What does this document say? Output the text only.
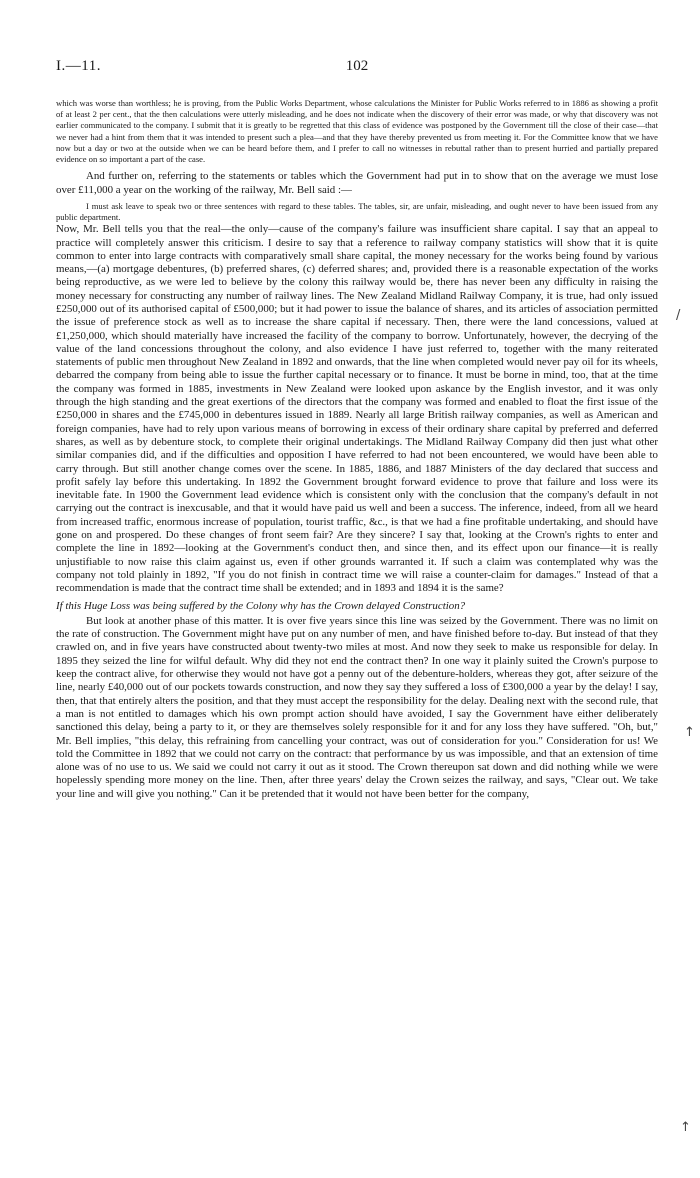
I.—11.	102

which was worse than worthless; he is proving, from the Public Works Department, whose calculations the Minister for Public Works referred to in 1886 as showing a profit of at least 2 per cent., that the then calculations were utterly misleading, and he does not indicate when the discovery of their error was made, or why that discovery was not earlier communicated to the company. I submit that it is greatly to be regretted that this class of evidence was postponed by the Government till the close of their case—that we never had a hint from them that it was intended to present such a plea—and that they have thereby prevented us from meeting it. For the Committee know that we have now but a day or two at the outside when we can be heard before them, and I prefer to call no witnesses in rebuttal rather than to present hurried and partially prepared evidence on so important a part of the case.

And further on, referring to the statements or tables which the Government had put in to show that on the average we must lose over £11,000 a year on the working of the railway, Mr. Bell said :—

I must ask leave to speak two or three sentences with regard to these tables. The tables, sir, are unfair, misleading, and ought never to have been issued from any public department.

Now, Mr. Bell tells you that the real—the only—cause of the company's failure was insufficient share capital. I say that an appeal to practice will completely answer this criticism. I desire to say that a reference to railway company statistics will show that it is quite common to enter into large contracts with comparatively small share capital, the money necessary for the works being found by various means,—(a) mortgage debentures, (b) preferred shares, (c) deferred shares; and, provided there is a reasonable expectation of the works being reproductive, as we were led to believe by the colony this railway would be, there has never been any difficulty in raising the money necessary for constructing any number of railway lines. The New Zealand Midland Railway Company, it is true, had only issued £250,000 out of its authorised capital of £500,000; but it had power to issue the balance of shares, and its articles of association permitted the issue of preference stock as well as to increase the share capital if necessary. Then, there were the land concessions, valued at £1,250,000, which should materially have increased the facility of the company to borrow. Unfortunately, however, the decrying of the value of the land concessions throughout the colony, and also evidence I have just referred to, together with the many reiterated statements of public men throughout New Zealand in 1892 and onwards, that the line when completed would never pay oil for its wheels, debarred the company from being able to issue the further capital necessary or to finance. It must be borne in mind, too, that at the time the company was formed in 1885, investments in New Zealand were looked upon askance by the English investor, and it was only through the high standing and the great exertions of the directors that the company was formed and enabled to float the first issue of the £250,000 in shares and the £745,000 in debentures issued in 1889. Nearly all large British railway companies, as well as American and foreign companies, have had to rely upon various means of borrowing in excess of their ordinary share capital by preferred and deferred shares, as well as by debenture stock, to complete their original undertakings. The Midland Railway Company did then just what other similar companies did, and if the difficulties and opposition I have referred to had not been encountered, we would have been able to carry through. But still another change comes over the scene. In 1885, 1886, and 1887 Ministers of the day declared that success and profit safely lay before this undertaking. In 1892 the Government brought forward evidence to prove that failure and loss were its inevitable fate. In 1900 the Government lead evidence which is consistent only with the conclusion that the company's default in not carrying out the contract is inexcusable, and that it would have paid us well and been a success. The inference, indeed, from all we heard from increased traffic, enormous increase of population, tourist traffic, &c., is that we had a fine profitable undertaking, and should have gone on and prospered. Do these changes of front seem fair? Are they sincere? I say that, looking at the Crown's rights to enter and complete the line in 1892—looking at the Government's conduct then, and since then, and its effect upon our finance—it is really unjustifiable to now raise this claim against us, even if other grounds warranted it. If such a claim was contemplated why was the company not told plainly in 1892, "If you do not finish in contract time we will raise a counter-claim for damages." Instead of that a recommendation is made that the contract time shall be extended; and in 1893 and 1894 it is the same?

If this Huge Loss was being suffered by the Colony why has the Crown delayed Construction?

But look at another phase of this matter. It is over five years since this line was seized by the Government. There was no limit on the rate of construction. The Government might have put on any number of men, and have finished before to-day. But instead of that they crawled on, and in five years have constructed about twenty-two miles at most. And now they seek to make us responsible for delay. In 1895 they seized the line for wilful default. Why did they not end the contract then? In one way it plainly suited the Crown's purpose to keep the contract alive, for otherwise they would not have got a penny out of the debenture-holders, whereas they got, after seizure of the line, nearly £40,000 out of our pockets towards construction, and now they say they suffered a loss of £300,000 a year by the delay! I say, then, that that entirely alters the position, and that they must accept the responsibility for the delay. Dealing next with the second rule, that a man is not entitled to damages which his own prompt action should have avoided, I say the Government have either deliberately sanctioned this delay, being a party to it, or they are themselves solely responsible for it and for any loss they have suffered. "Oh, but," Mr. Bell implies, "this delay, this refraining from cancelling your contract, was out of consideration for you." Consideration for us! We told the Committee in 1892 that we could not carry on the contract: that performance by us was impossible, and that an extension of time alone was of no use to us. We said we could not carry it out as it stood. The Crown thereupon sat down and did nothing while we were hopelessly spending more money on the line. Then, after three years' delay the Crown seizes the railway, and says, "Clear out. We take your line and will give you nothing." Can it be pretended that it would not have been better for the company,

/
↑
↑
